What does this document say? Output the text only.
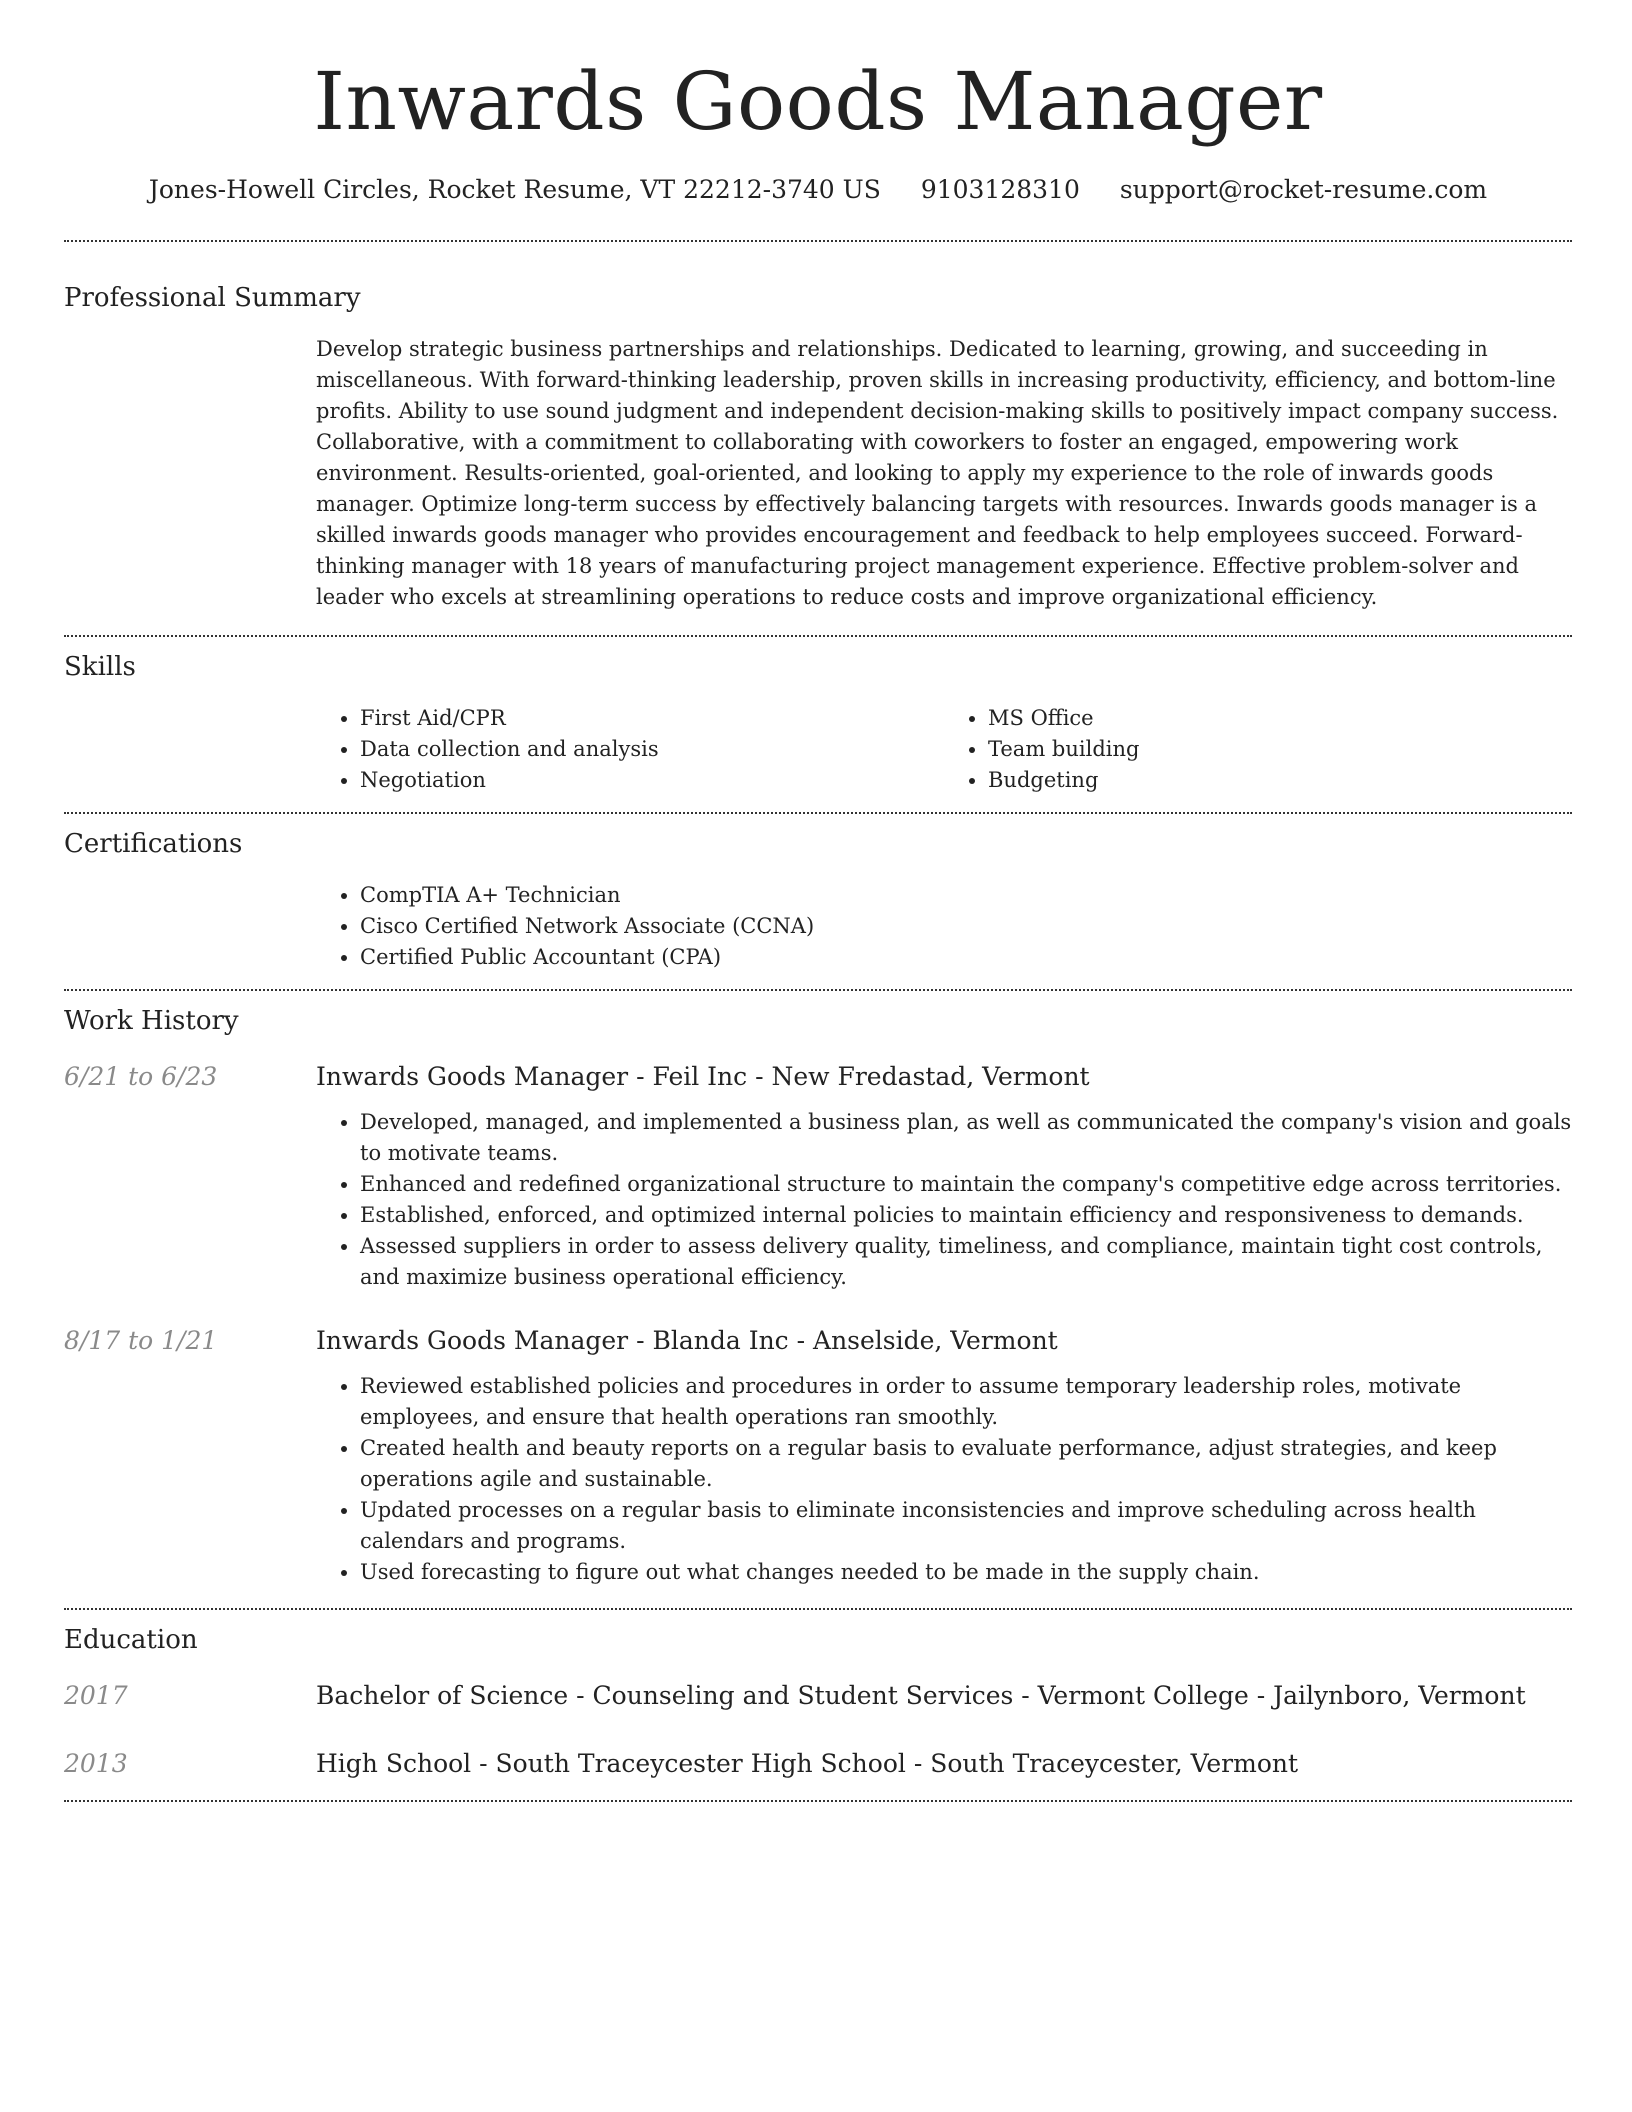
Inwards Goods Manager
Jones-Howell Circles, Rocket Resume, VT 22212-3740 US 9103128310 support@rocket-resume.com
Professional Summary

Develop strategic business partnerships and relationships. Dedicated to learning, growing, and succeeding in miscellaneous. With forward-thinking leadership, proven skills in increasing productivity, efficiency, and bottom-line profits. Ability to use sound judgment and independent decision-making skills to positively impact company success. Collaborative, with a commitment to collaborating with coworkers to foster an engaged, empowering work environment. Results-oriented, goal-oriented, and looking to apply my experience to the role of inwards goods manager. Optimize long-term success by effectively balancing targets with resources. Inwards goods manager is a skilled inwards goods manager who provides encouragement and feedback to help employees succeed. Forward-thinking manager with 18 years of manufacturing project management experience. Effective problem-solver and leader who excels at streamlining operations to reduce costs and improve organizational efficiency.

Skills
• First Aid/CPR
• Data collection and analysis
• Negotiation
• MS Office
• Team building
• Budgeting
Certifications
• CompTIA A+ Technician
• Cisco Certified Network Associate (CCNA)
• Certified Public Accountant (CPA)
Work History
6/21 to 6/23	Inwards Goods Manager - Feil Inc - New Fredastad, Vermont
• Developed, managed, and implemented a business plan, as well as communicated the company's vision and goals to motivate teams.
• Enhanced and redefined organizational structure to maintain the company's competitive edge across territories.
• Established, enforced, and optimized internal policies to maintain efficiency and responsiveness to demands.
• Assessed suppliers in order to assess delivery quality, timeliness, and compliance, maintain tight cost controls, and maximize business operational efficiency.
8/17 to 1/21	Inwards Goods Manager - Blanda Inc - Anselside, Vermont
• Reviewed established policies and procedures in order to assume temporary leadership roles, motivate employees, and ensure that health operations ran smoothly.
• Created health and beauty reports on a regular basis to evaluate performance, adjust strategies, and keep operations agile and sustainable.
• Updated processes on a regular basis to eliminate inconsistencies and improve scheduling across health calendars and programs.
• Used forecasting to figure out what changes needed to be made in the supply chain.
Education
2017	Bachelor of Science - Counseling and Student Services - Vermont College - Jailynboro, Vermont
2013	High School - South Traceycester High School - South Traceycester, Vermont
